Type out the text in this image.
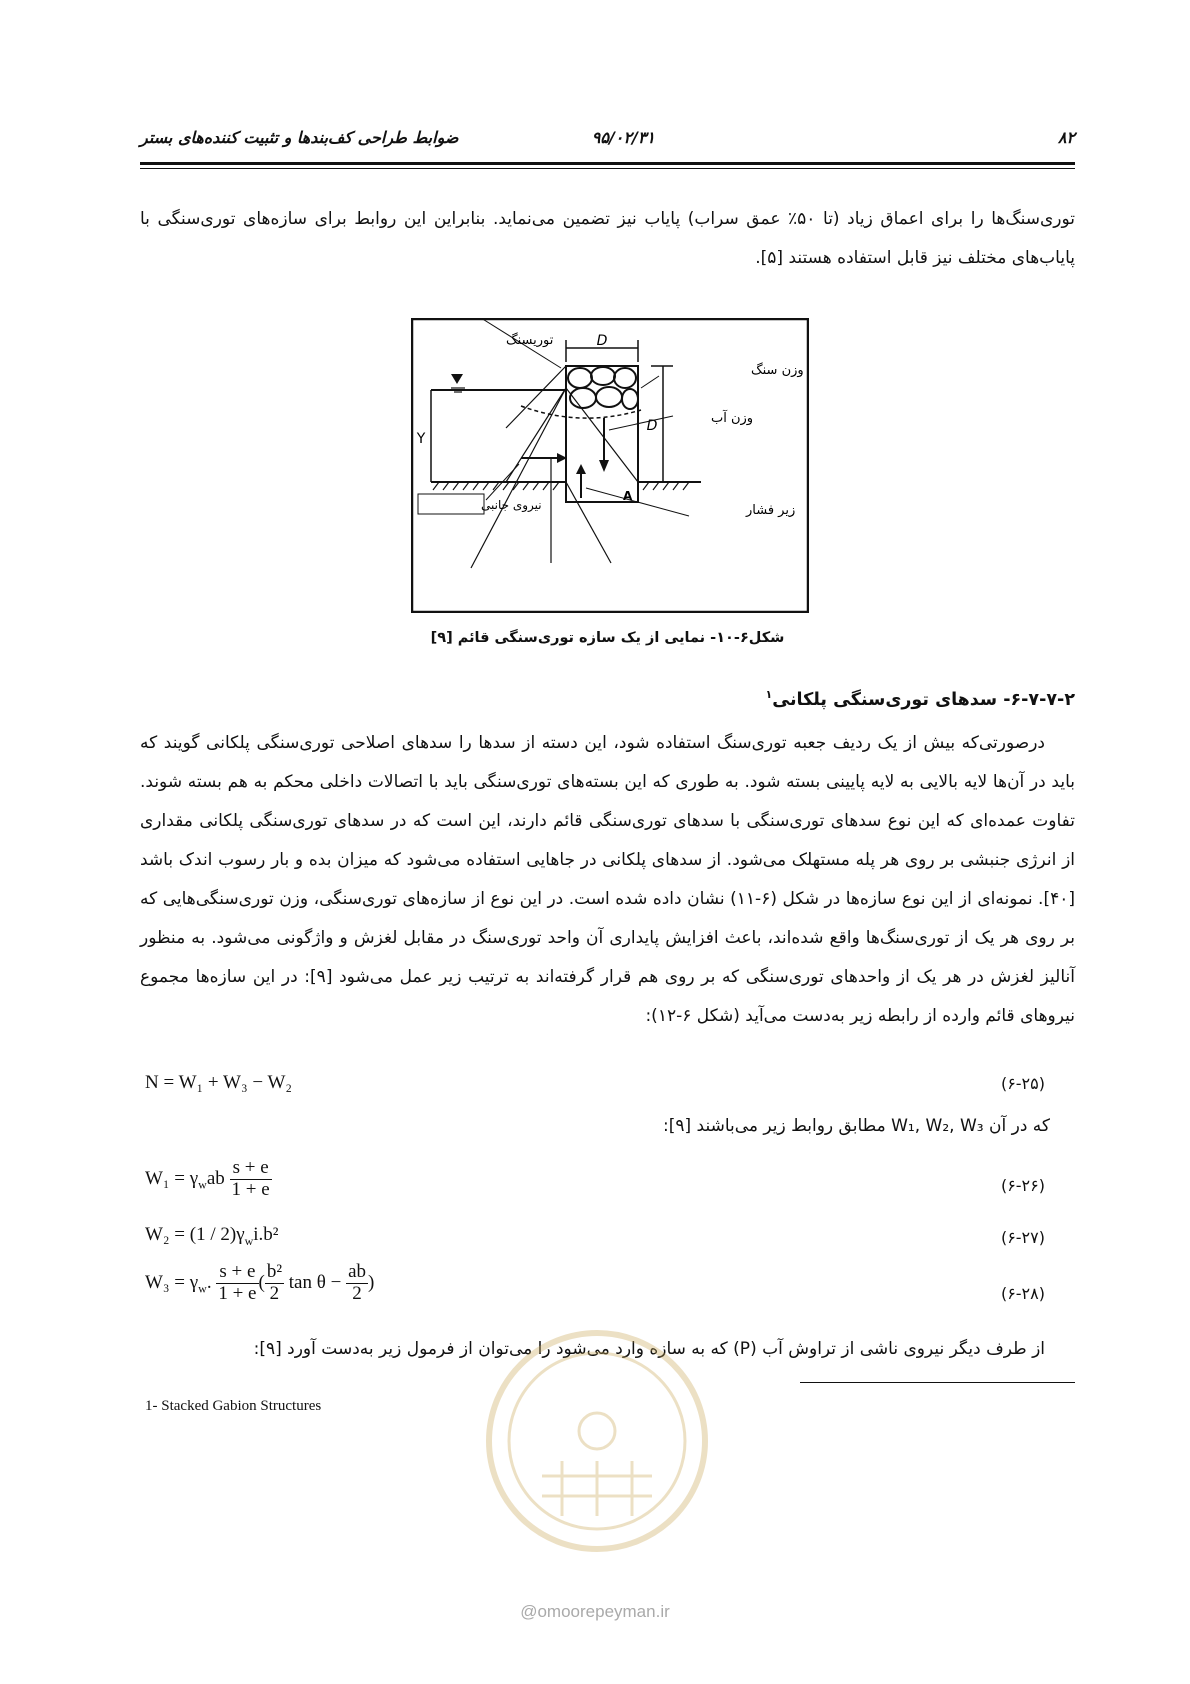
۸۲
۹۵/۰۲/۳۱
ضوابط طراحی کف‌بندها و تثبیت کننده‌های بستر

توری‌سنگ‌ها را برای اعماق زیاد (تا ۵۰٪ عمق سراب) پایاب نیز تضمین می‌نماید. بنابراین این روابط برای سازه‌های توری‌سنگی با پایاب‌های مختلف نیز قابل استفاده هستند [۵].

D
Y
D
A
توریسنگ
وزن سنگ
وزن آب
زیر فشار
نیروی جانبی
شکل۶-۱۰- نمایی از یک سازه توری‌سنگی قائم [۹]
۶-۷-۷-۲- سدهای توری‌سنگی پلکانی$^۱$

درصورتی‌که بیش از یک ردیف جعبه توری‌سنگ استفاده شود، این دسته از سدها را سدهای اصلاحی توری‌سنگی پلکانی گویند که باید در آن‌ها لایه بالایی به لایه پایینی بسته شود. به طوری که این بسته‌های توری‌سنگی باید با اتصالات داخلی محکم به هم بسته شوند. تفاوت عمده‌ای که این نوع سدهای توری‌سنگی با سدهای توری‌سنگی قائم دارند، این است که در سدهای توری‌سنگی پلکانی مقداری از انرژی جنبشی بر روی هر پله مستهلک می‌شود. از سدهای پلکانی در جاهایی استفاده می‌شود که میزان بده و بار رسوب اندک باشد [۴۰]. نمونه‌ای از این نوع سازه‌ها در شکل (۶-۱۱) نشان داده شده است. در این نوع از سازه‌های توری‌سنگی، وزن توری‌سنگی‌هایی که بر روی هر یک از توری‌سنگ‌ها واقع شده‌اند، باعث افزایش پایداری آن واحد توری‌سنگ در مقابل لغزش و واژگونی می‌شود. به منظور آنالیز لغزش در هر یک از واحدهای توری‌سنگی که بر روی هم قرار گرفته‌اند به ترتیب زیر عمل می‌شود [۹]: در این سازه‌ها مجموع نیروهای قائم وارده از رابطه زیر به‌دست می‌آید (شکل ۶-۱۲):

N = W₁ + W₃ − W₂	(۶-۲۵)

که در آن W₁, W₂, W₃ مطابق روابط زیر می‌باشند [۹]:

$W_1 = \gamma_wab \frac{s + e}{1 + e}$	(۶-۲۶)
$W_2 = (1 / 2)\gamma_wi.b^2$	(۶-۲۷)
$W_3 = \gamma_w$. $\frac{s + e}{1 + e}$ ( $\frac{\text{b²}}{2}$ $\tan \theta - \frac{ab}{2}$ )
(۶-۲۸)

از طرف دیگر نیروی ناشی از تراوش آب (P) که به سازه وارد می‌شود را می‌توان از فرمول زیر به‌دست آورد [۹]:

1- Stacked Gabion Structures
@omoorepeyman.ir
